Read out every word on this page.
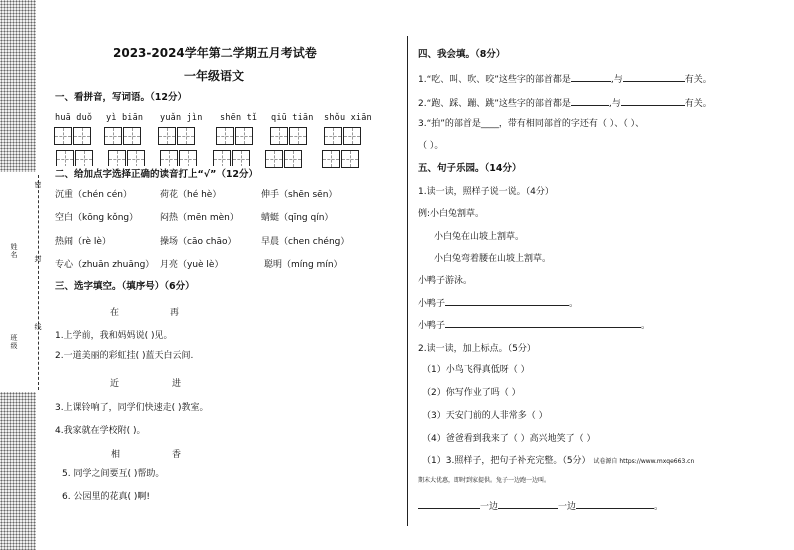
密
姓名 封
班级
线
2023-2024学年第二学期五月考试卷
一年级语文
一、看拼音，写词语。（12分）
huā duǒ yì biān yuǎn jìn shēn tǐ qiū tiān shǒu xiān
二、给加点字选择正确的读音打上“√”（12分）
沉重（chén cén）	荷花（hé hè）	伸手（shēn sēn）
空白（kōng kǒng） 闷热（mēn mèn） 蜻蜓（qīng qín）
热闹（rè lè）	操场（cāo chāo）	早晨（chen chéng）
专心（zhuān zhuāng） 月亮（yuè lè）	聪明（míng mín）
三、选字填空。（填序号）（6分）
在	再
1.上学前，我和妈妈说( )见。
2.一道美丽的彩虹挂( )蓝天白云间.
近	进
3.上课铃响了，同学们快速走( )教室。
4.我家就在学校附( )。
相	香
5. 同学之间要互( )帮助。
6. 公园里的花真( )啊!
四、我会填。（8分）
1.“吃、叫、吹、咬”这些字的部首都是	,与	有关。
2.“跑、踩、蹦、跳”这些字的部首都是	,与	有关。
3.“拍”的部首是____，带有相同部首的字还有（ ）、（ ）、
（ ）。
五、句子乐园。（14分）
1.读一读，照样子说一说。（4分）
例:小白兔割草。
小白兔在山坡上割草。
小白兔弯着腰在山坡上割草。
小鸭子游泳。
小鸭子	。
小鸭子	。
2.读一读，加上标点。（5分）
（1）小鸟飞得真低呀（ ）
（2）你写作业了吗（ ）
（3）天安门前的人非常多（ ）
（4）爸爸看到我来了（ ）高兴地笑了（ ）
（1）3.照样子，把句子补充完整。（5分） 试卷源自 https://www.mxqe663.cn
期末大优惠，即时到家提供。兔子一边跑一边叫。
一边	一边	。
